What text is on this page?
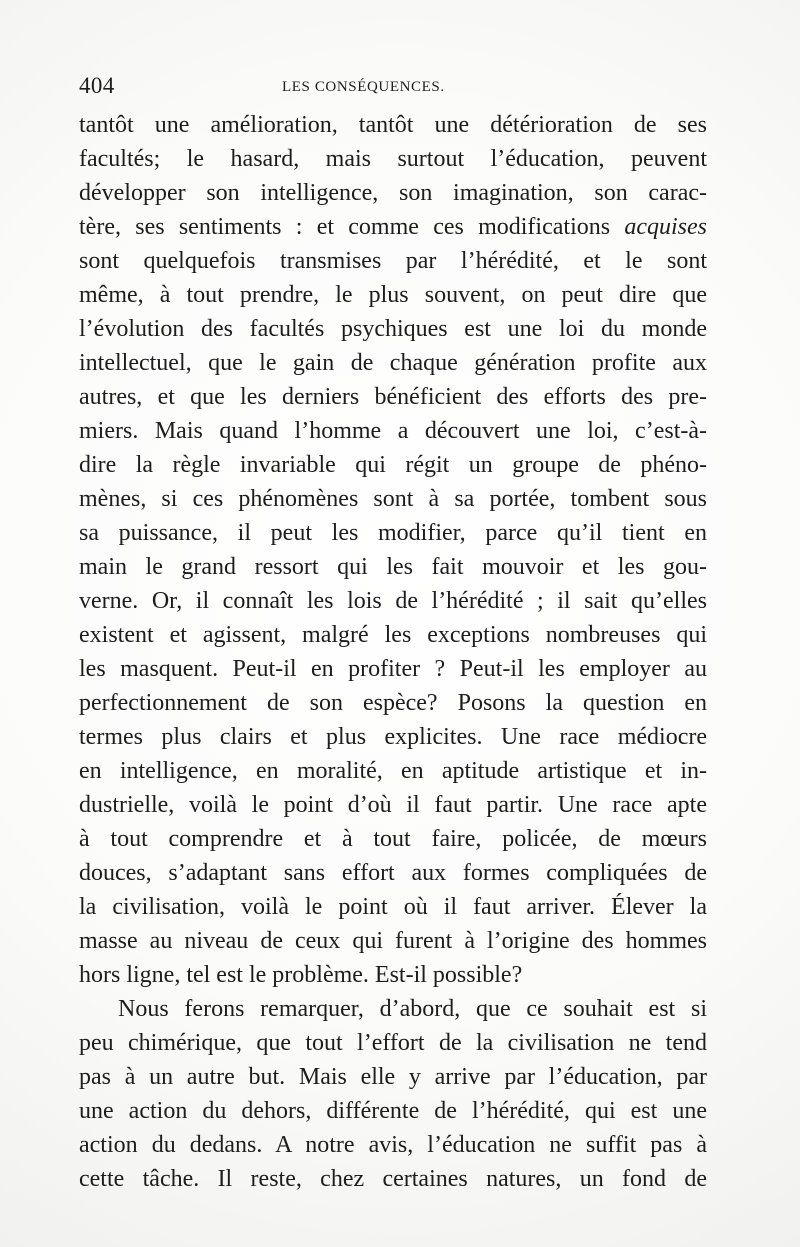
404	LES CONSÉQUENCES.
tantôt une amélioration, tantôt une détérioration de ses
facultés; le hasard, mais surtout l’éducation, peuvent
développer son intelligence, son imagination, son carac-
tère, ses sentiments : et comme ces modifications acquises
sont quelquefois transmises par l’hérédité, et le sont
même, à tout prendre, le plus souvent, on peut dire que
l’évolution des facultés psychiques est une loi du monde
intellectuel, que le gain de chaque génération profite aux
autres, et que les derniers bénéficient des efforts des pre-
miers. Mais quand l’homme a découvert une loi, c’est-à-
dire la règle invariable qui régit un groupe de phéno-
mènes, si ces phénomènes sont à sa portée, tombent sous
sa puissance, il peut les modifier, parce qu’il tient en
main le grand ressort qui les fait mouvoir et les gou-
verne. Or, il connaît les lois de l’hérédité ; il sait qu’elles
existent et agissent, malgré les exceptions nombreuses qui
les masquent. Peut-il en profiter ? Peut-il les employer au
perfectionnement de son espèce? Posons la question en
termes plus clairs et plus explicites. Une race médiocre
en intelligence, en moralité, en aptitude artistique et in-
dustrielle, voilà le point d’où il faut partir. Une race apte
à tout comprendre et à tout faire, policée, de mœurs
douces, s’adaptant sans effort aux formes compliquées de
la civilisation, voilà le point où il faut arriver. Élever la
masse au niveau de ceux qui furent à l’origine des hommes
hors ligne, tel est le problème. Est-il possible?
Nous ferons remarquer, d’abord, que ce souhait est si
peu chimérique, que tout l’effort de la civilisation ne tend
pas à un autre but. Mais elle y arrive par l’éducation, par
une action du dehors, différente de l’hérédité, qui est une
action du dedans. A notre avis, l’éducation ne suffit pas à
cette tâche. Il reste, chez certaines natures, un fond de
